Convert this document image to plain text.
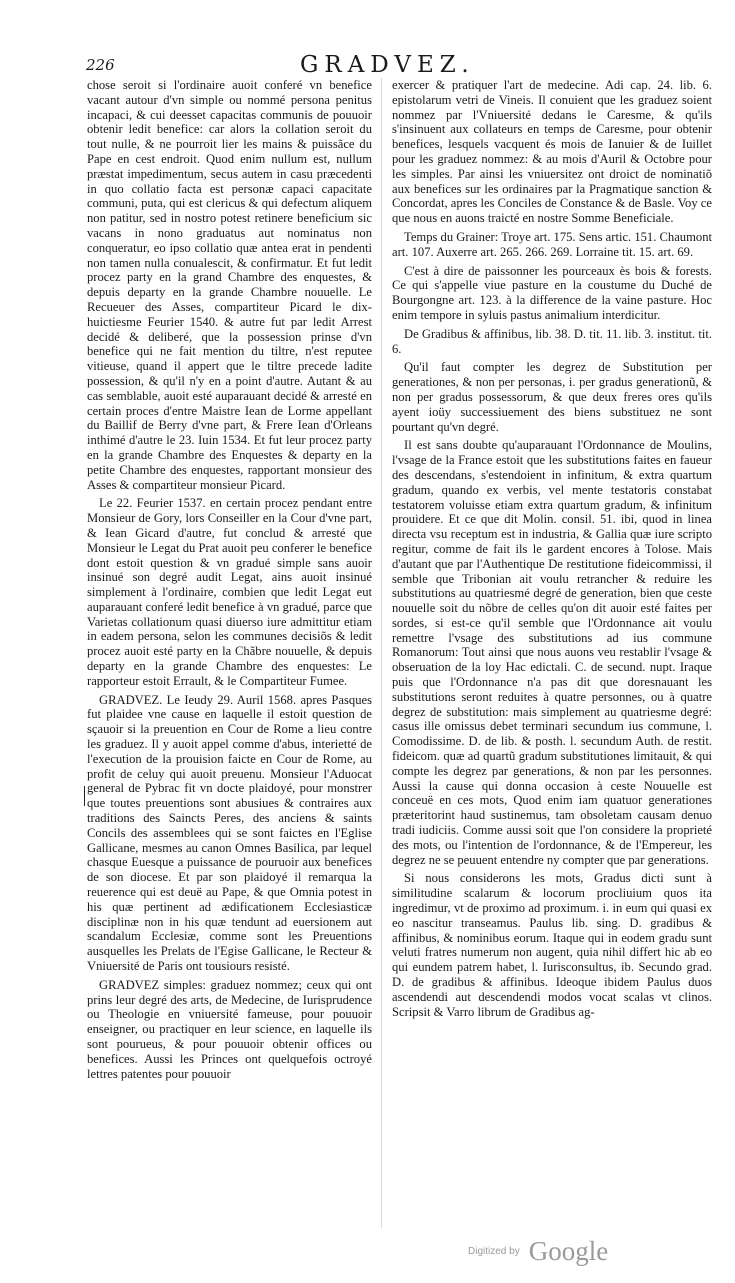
226	GRADVEZ.

chose seroit si l'ordinaire auoit conferé vn benefice vacant autour d'vn simple ou nommé persona penitus incapaci, & cui deesset capacitas communis de pouuoir obtenir ledit benefice: car alors la collation seroit du tout nulle, & ne pourroit lier les mains & puissãce du Pape en cest endroit. Quod enim nullum est, nullum præstat impedimentum, secus autem in casu præcedenti in quo collatio facta est personæ capaci capacitate communi, puta, qui est clericus & qui defectum aliquem non patitur, sed in nostro potest retinere beneficium sic vacans in nono graduatus aut nominatus non conqueratur, eo ipso collatio quæ antea erat in pendenti non tamen nulla conualescit, & confirmatur. Et fut ledit procez party en la grand Chambre des enquestes, & depuis departy en la grande Chambre nouuelle. Le Recueuer des Asses, compartiteur Picard le dix-huictiesme Feurier 1540. & autre fut par ledit Arrest decidé & deliberé, que la possession prinse d'vn benefice qui ne fait mention du tiltre, n'est reputee vitieuse, quand il appert que le tiltre precede ladite possession, & qu'il n'y en a point d'autre. Autant & au cas semblable, auoit esté auparauant decidé & arresté en certain proces d'entre Maistre Iean de Lorme appellant du Baillif de Berry d'vne part, & Frere Iean d'Orleans inthimé d'autre le 23. Iuin 1534. Et fut leur procez party en la grande Chambre des Enquestes & departy en la petite Chambre des enquestes, rapportant monsieur des Asses & compartiteur monsieur Picard.

Le 22. Feurier 1537. en certain procez pendant entre Monsieur de Gory, lors Conseiller en la Cour d'vne part, & Iean Gicard d'autre, fut conclud & arresté que Monsieur le Legat du Prat auoit peu conferer le benefice dont estoit question & vn gradué simple sans auoir insinué son degré audit Legat, ains auoit insinué simplement à l'ordinaire, combien que ledit Legat eut auparauant conferé ledit benefice à vn gradué, parce que Varietas collationum quasi diuerso iure admittitur etiam in eadem persona, selon les communes decisiõs & ledit procez auoit esté party en la Chãbre nouuelle, & depuis departy en la grande Chambre des enquestes: Le rapporteur estoit Errault, & le Compartiteur Fumee.

GRADVEZ. Le Ieudy 29. Auril 1568. apres Pasques fut plaidee vne cause en laquelle il estoit question de sçauoir si la preuention en Cour de Rome a lieu contre les graduez. Il y auoit appel comme d'abus, interietté de l'execution de la prouision faicte en Cour de Rome, au profit de celuy qui auoit preuenu. Monsieur l'Aduocat general de Pybrac fit vn docte plaidoyé, pour monstrer que toutes preuentions sont abusiues & contraires aux traditions des Saincts Peres, des anciens & saints Concils des assemblees qui se sont faictes en l'Eglise Gallicane, mesmes au canon Omnes Basilica, par lequel chasque Euesque a puissance de pouruoir aux benefices de son diocese. Et par son plaidoyé il remarqua la reuerence qui est deuë au Pape, & que Omnia potest in his quæ pertinent ad ædificationem Ecclesiasticæ disciplinæ non in his quæ tendunt ad euersionem aut scandalum Ecclesiæ, comme sont les Preuentions ausquelles les Prelats de l'Egise Gallicane, le Recteur & Vniuersité de Paris ont tousiours resisté.

GRADVEZ simples: graduez nommez; ceux qui ont prins leur degré des arts, de Medecine, de Iurisprudence ou Theologie en vniuersité fameuse, pour pouuoir enseigner, ou practiquer en leur science, en laquelle ils sont pourueus, & pour pouuoir obtenir offices ou benefices. Aussi les Princes ont quelquefois octroyé lettres patentes pour pouuoir

exercer & pratiquer l'art de medecine. Adi cap. 24. lib. 6. epistolarum vetri de Vineis. Il conuient que les graduez soient nommez par l'Vniuersité dedans le Caresme, & qu'ils s'insinuent aux collateurs en temps de Caresme, pour obtenir benefices, lesquels vacquent és mois de Ianuier & de Iuillet pour les graduez nommez: & au mois d'Auril & Octobre pour les simples. Par ainsi les vniuersitez ont droict de nominatiõ aux benefices sur les ordinaires par la Pragmatique sanction & Concordat, apres les Conciles de Constance & de Basle. Voy ce que nous en auons traicté en nostre Somme Beneficiale.

Temps du Grainer: Troye art. 175. Sens artic. 151. Chaumont art. 107. Auxerre art. 265. 266. 269. Lorraine tit. 15. art. 69.

C'est à dire de paissonner les pourceaux ès bois & forests. Ce qui s'appelle viue pasture en la coustume du Duché de Bourgongne art. 123. à la difference de la vaine pasture. Hoc enim tempore in syluis pastus animalium interdicitur.

De Gradibus & affinibus, lib. 38. D. tit. 11. lib. 3. institut. tit. 6.

Qu'il faut compter les degrez de Substitution per generationes, & non per personas, i. per gradus generationũ, & non per gradus possessorum, & que deux freres ores qu'ils ayent ioüy successiuement des biens substituez ne sont pourtant qu'vn degré.

Il est sans doubte qu'auparauant l'Ordonnance de Moulins, l'vsage de la France estoit que les substitutions faites en faueur des descendans, s'estendoient in infinitum, & extra quartum gradum, quando ex verbis, vel mente testatoris constabat testatorem voluisse etiam extra quartum gradum, & infinitum prouidere. Et ce que dit Molin. consil. 51. ibi, quod in linea directa vsu receptum est in industria, & Gallia quæ iure scripto regitur, comme de fait ils le gardent encores à Tolose. Mais d'autant que par l'Authentique De restitutione fideicommissi, il semble que Tribonian ait voulu retrancher & reduire les substitutions au quatriesmé degré de generation, bien que ceste nouuelle soit du nõbre de celles qu'on dit auoir esté faites per sordes, si est-ce qu'il semble que l'Ordonnance ait voulu remettre l'vsage des substitutions ad ius commune Romanorum: Tout ainsi que nous auons veu restablir l'vsage & obseruation de la loy Hac edictali. C. de secund. nupt. Iraque puis que l'Ordonnance n'a pas dit que doresnauant les substitutions seront reduites à quatre personnes, ou à quatre degrez de substitution: mais simplement au quatriesme degré: casus ille omissus debet terminari secundum ius commune, l. Comodissime. D. de lib. & posth. l. secundum Auth. de restit. fideicom. quæ ad quartũ gradum substitutiones limitauit, & qui compte les degrez par generations, & non par les personnes. Aussi la cause qui donna occasion à ceste Nouuelle est conceuë en ces mots, Quod enim iam quatuor generationes præteritorint haud sustinemus, tam obsoletam causam denuo tradi iudiciis. Comme aussi soit que l'on considere la proprieté des mots, ou l'intention de l'ordonnance, & de l'Empereur, les degrez ne se peuuent entendre ny compter que par generations.

Si nous considerons les mots, Gradus dicti sunt à similitudine scalarum & locorum procliuium quos ita ingredimur, vt de proximo ad proximum. i. in eum qui quasi ex eo nascitur transeamus. Paulus lib. sing. D. gradibus & affinibus, & nominibus eorum. Itaque qui in eodem gradu sunt veluti fratres numerum non augent, quia nihil differt hic ab eo qui eundem patrem habet, l. Iurisconsultus, ib. Secundo grad. D. de gradibus & affinibus. Ideoque ibidem Paulus duos ascendendi aut descendendi modos vocat scalas vt clinos. Scripsit & Varro librum de Gradibus ag-

Digitized by Google
